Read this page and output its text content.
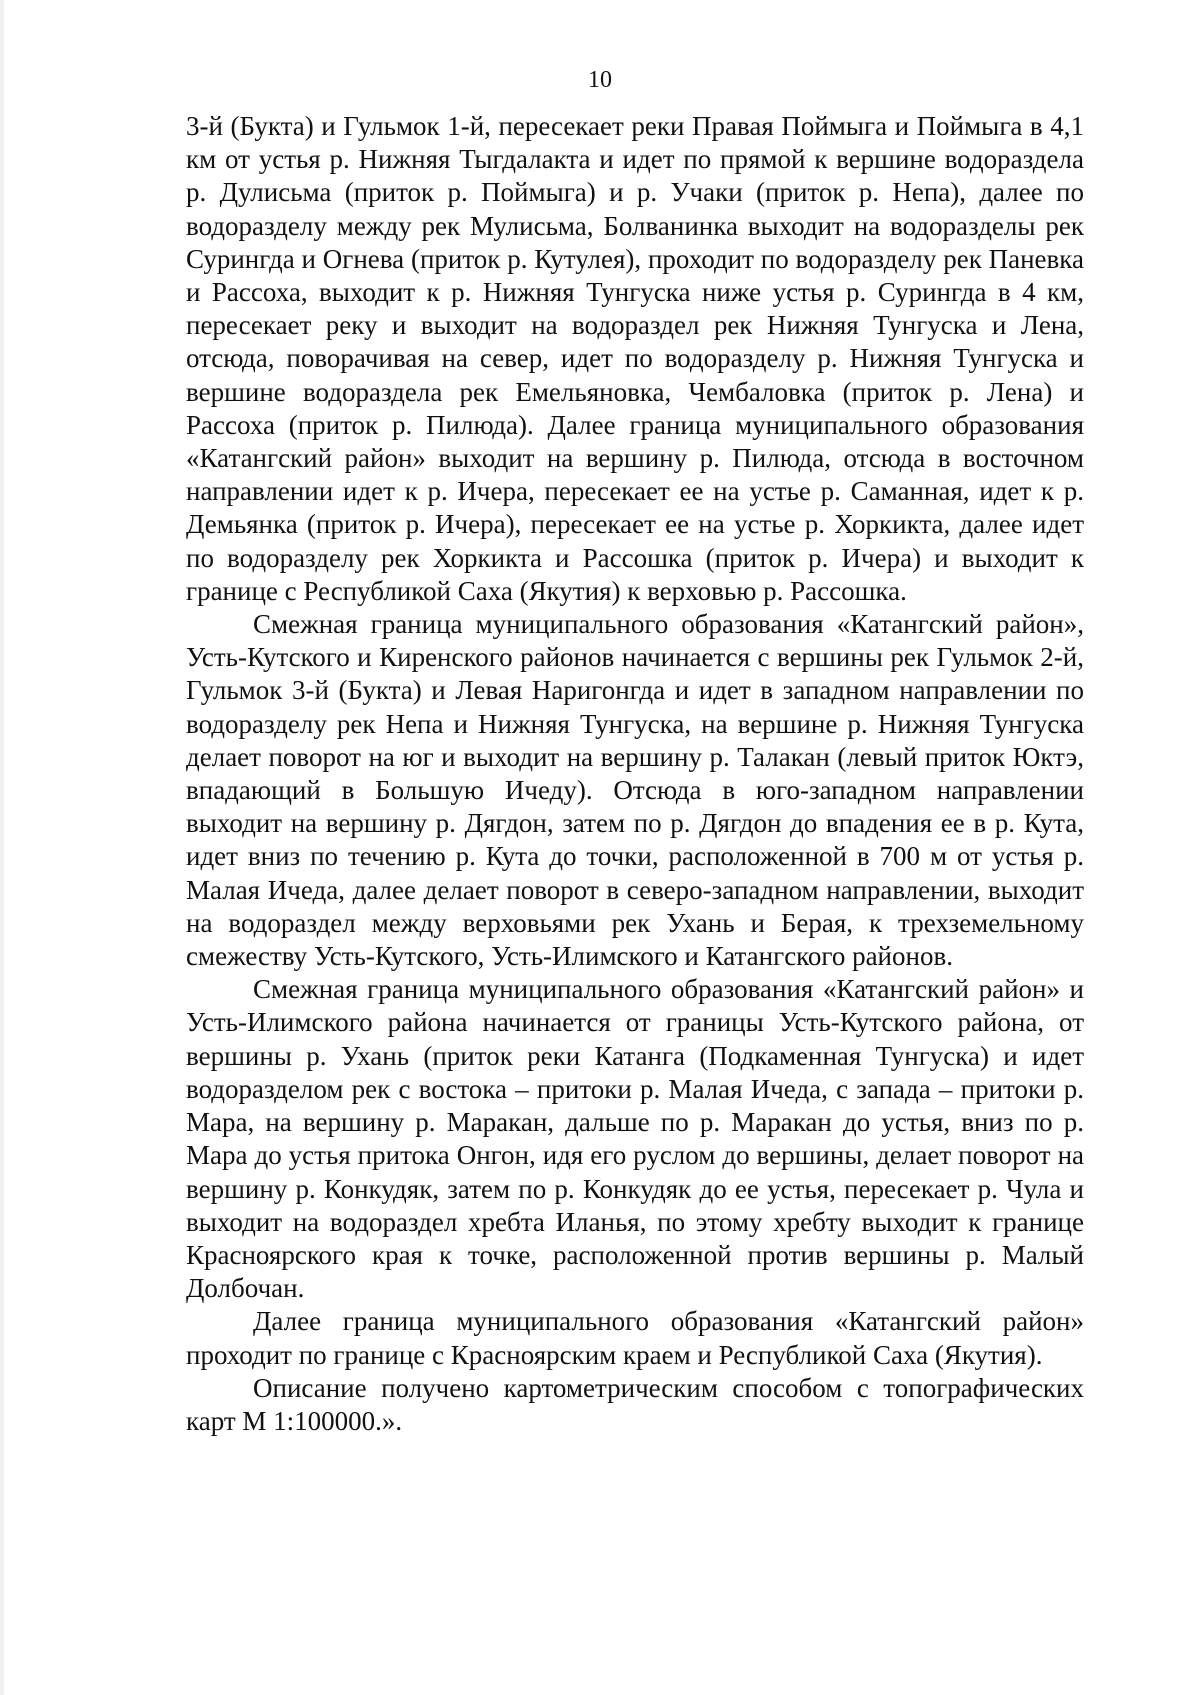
10

3-й (Букта) и Гульмок 1-й, пересекает реки Правая Поймыга и Поймыга в 4,1 км от устья р. Нижняя Тыгдалакта и идет по прямой к вершине водораздела р. Дулисьма (приток р. Поймыга) и р. Учаки (приток р. Непа), далее по водоразделу между рек Мулисьма, Болванинка выходит на водоразделы рек Сурингда и Огнева (приток р. Кутулея), проходит по водоразделу рек Паневка и Рассоха, выходит к р. Нижняя Тунгуска ниже устья р. Сурингда в 4 км, пересекает реку и выходит на водораздел рек Нижняя Тунгуска и Лена, отсюда, поворачивая на север, идет по водоразделу р. Нижняя Тунгуска и вершине водораздела рек Емельяновка, Чембаловка (приток р. Лена) и Рассоха (приток р. Пилюда). Далее граница муниципального образования «Катангский район» выходит на вершину р. Пилюда, отсюда в восточном направлении идет к р. Ичера, пересекает ее на устье р. Саманная, идет к р. Демьянка (приток р. Ичера), пересекает ее на устье р. Хоркикта, далее идет по водоразделу рек Хоркикта и Рассошка (приток р. Ичера) и выходит к границе с Республикой Саха (Якутия) к верховью р. Рассошка.

Смежная граница муниципального образования «Катангский район», Усть-Кутского и Киренского районов начинается с вершины рек Гульмок 2-й, Гульмок 3-й (Букта) и Левая Наригонгда и идет в западном направлении по водоразделу рек Непа и Нижняя Тунгуска, на вершине р. Нижняя Тунгуска делает поворот на юг и выходит на вершину р. Талакан (левый приток Юктэ, впадающий в Большую Ичеду). Отсюда в юго-западном направлении выходит на вершину р. Дягдон, затем по р. Дягдон до впадения ее в р. Кута, идет вниз по течению р. Кута до точки, расположенной в 700 м от устья р. Малая Ичеда, далее делает поворот в северо-западном направлении, выходит на водораздел между верховьями рек Ухань и Берая, к трехземельному смежеству Усть-Кутского, Усть-Илимского и Катангского районов.

Смежная граница муниципального образования «Катангский район» и Усть-Илимского района начинается от границы Усть-Кутского района, от вершины р. Ухань (приток реки Катанга (Подкаменная Тунгуска) и идет водоразделом рек с востока – притоки р. Малая Ичеда, с запада – притоки р. Мара, на вершину р. Маракан, дальше по р. Маракан до устья, вниз по р. Мара до устья притока Онгон, идя его руслом до вершины, делает поворот на вершину р. Конкудяк, затем по р. Конкудяк до ее устья, пересекает р. Чула и выходит на водораздел хребта Иланья, по этому хребту выходит к границе Красноярского края к точке, расположенной против вершины р. Малый Долбочан.

Далее граница муниципального образования «Катангский район» проходит по границе с Красноярским краем и Республикой Саха (Якутия).

Описание получено картометрическим способом с топографических карт М 1:100000.».
